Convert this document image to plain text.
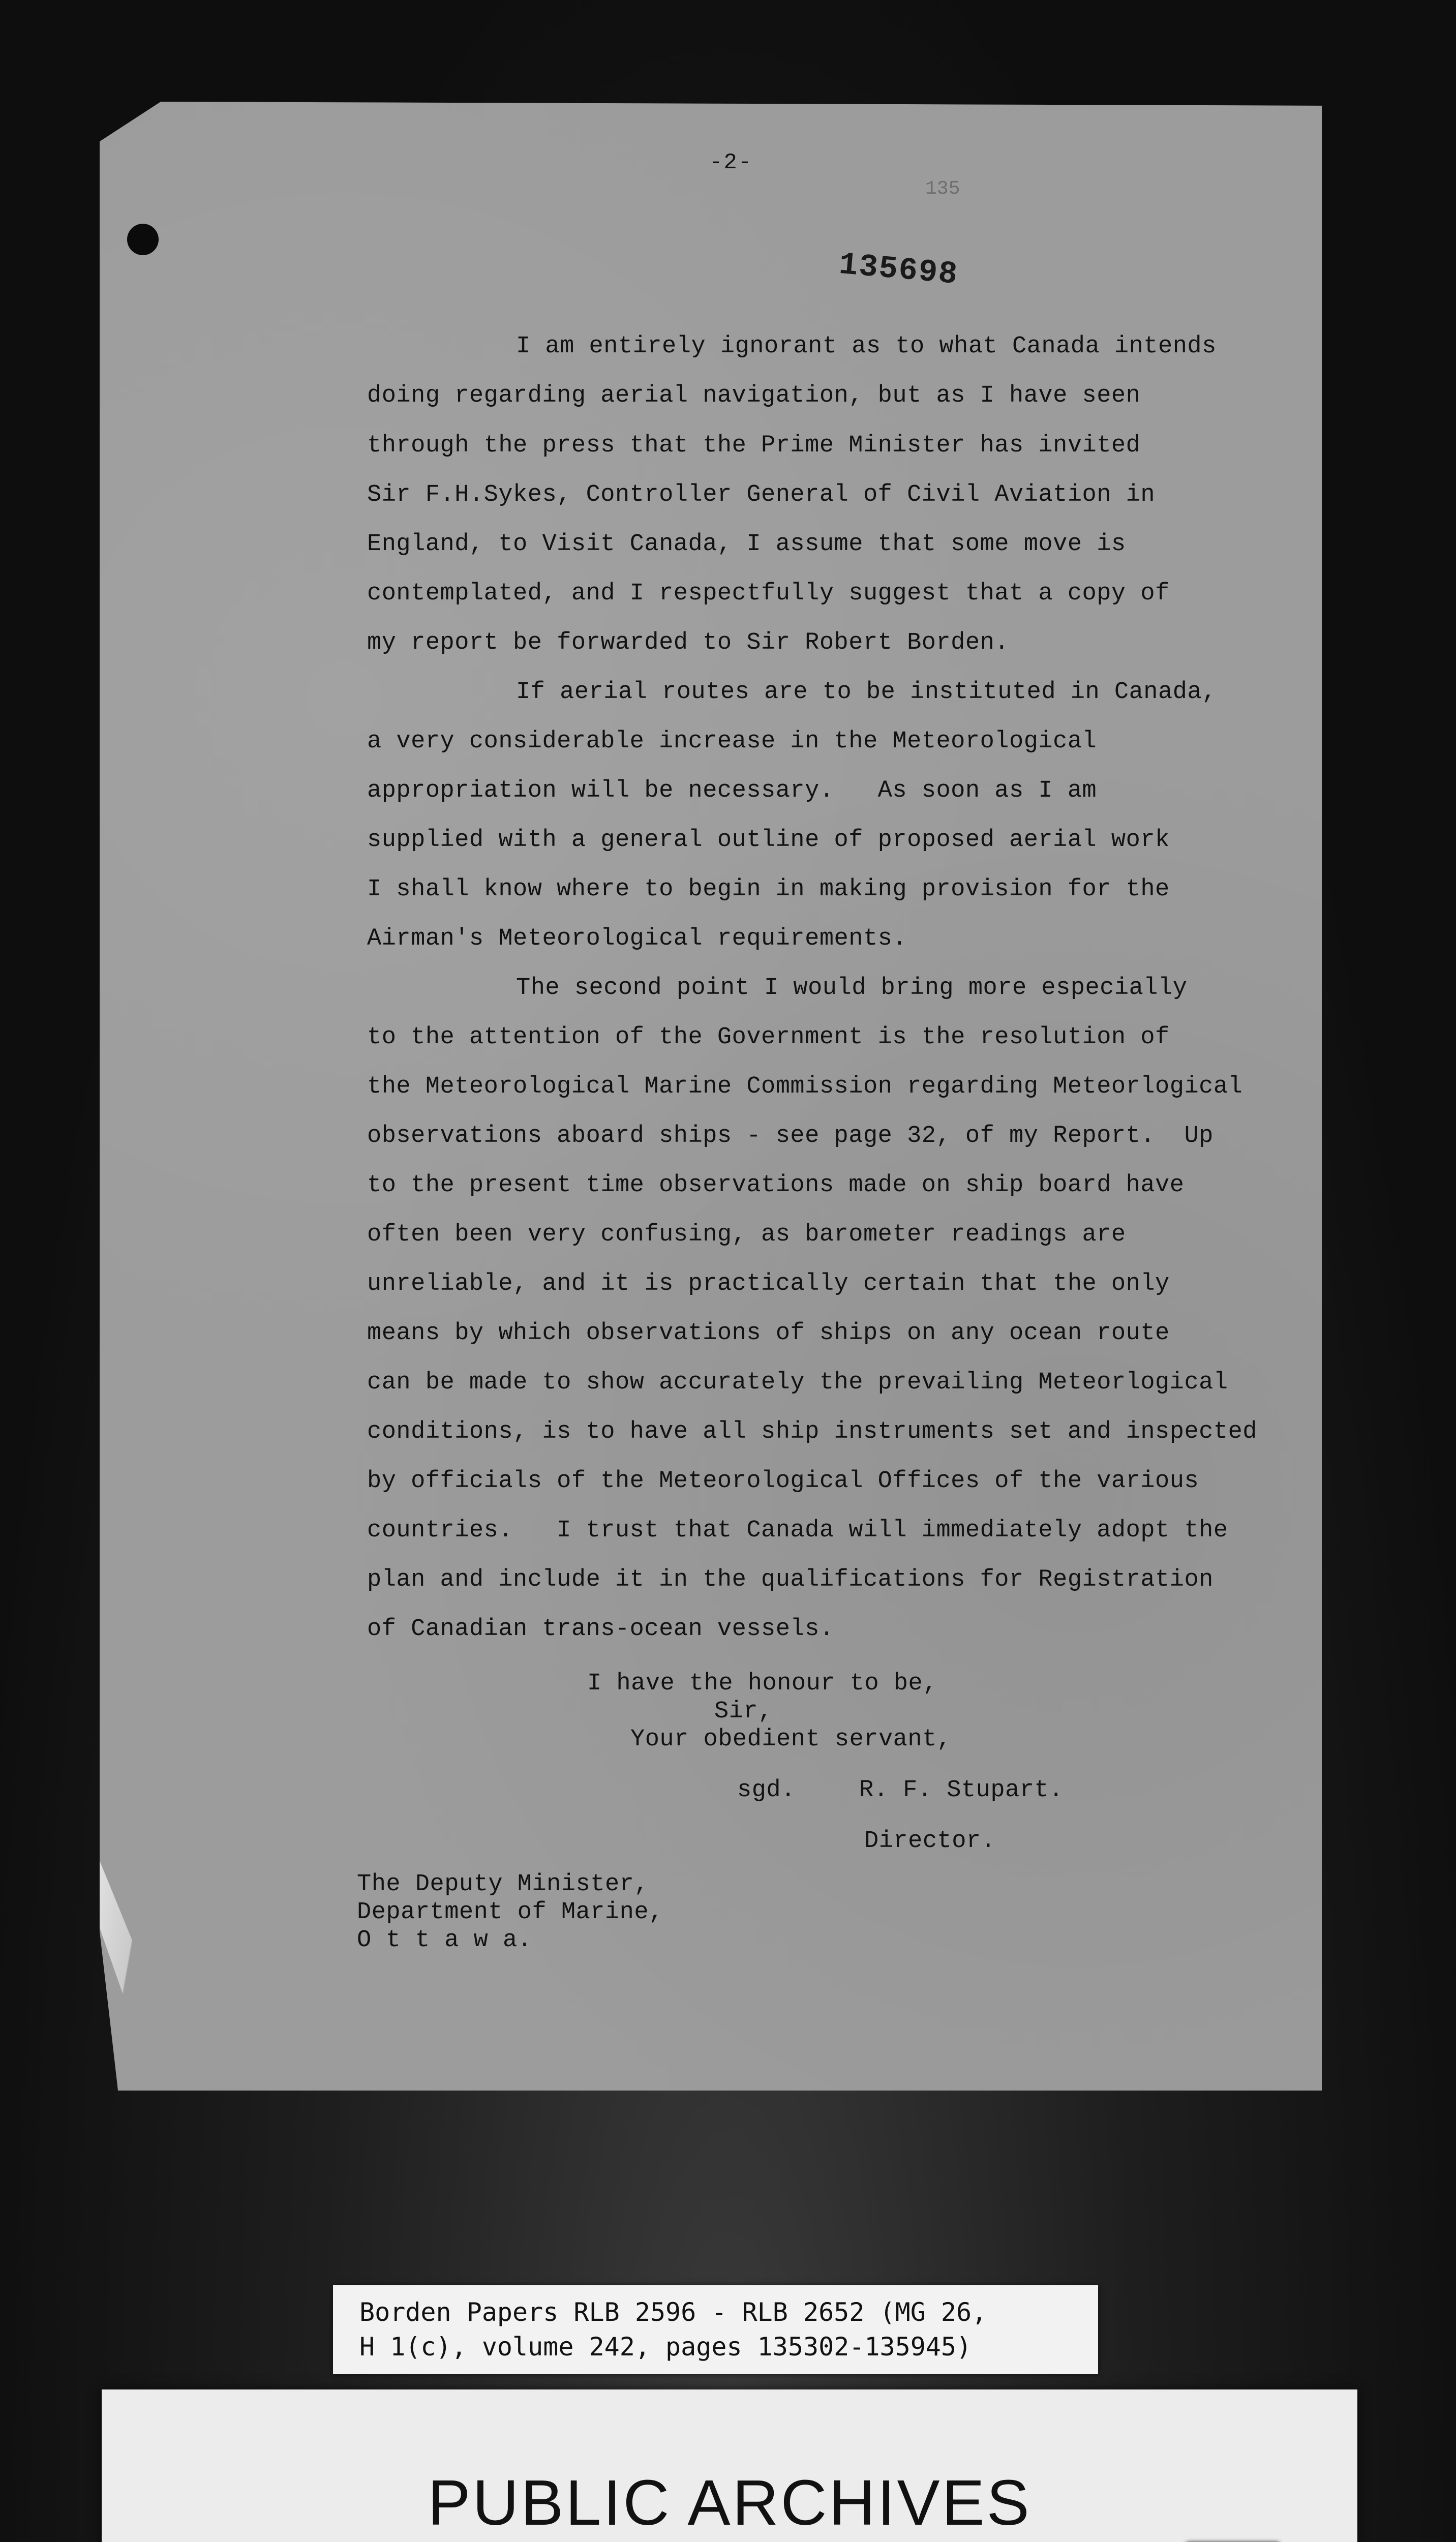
-2-
135
135698
I am entirely ignorant as to what Canada intends
doing regarding aerial navigation, but as I have seen
through the press that the Prime Minister has invited
Sir F.H.Sykes, Controller General of Civil Aviation in
England, to Visit Canada, I assume that some move is
contemplated, and I respectfully suggest that a copy of
my report be forwarded to Sir Robert Borden.
If aerial routes are to be instituted in Canada,
a very considerable increase in the Meteorological
appropriation will be necessary.   As soon as I am
supplied with a general outline of proposed aerial work
I shall know where to begin in making provision for the
Airman's Meteorological requirements.
The second point I would bring more especially
to the attention of the Government is the resolution of
the Meteorological Marine Commission regarding Meteorlogical
observations aboard ships - see page 32, of my Report.  Up
to the present time observations made on ship board have
often been very confusing, as barometer readings are
unreliable, and it is practically certain that the only
means by which observations of ships on any ocean route
can be made to show accurately the prevailing Meteorlogical
conditions, is to have all ship instruments set and inspected
by officials of the Meteorological Offices of the various
countries.   I trust that Canada will immediately adopt the
plan and include it in the qualifications for Registration
of Canadian trans-ocean vessels.
I have the honour to be,
Sir,
Your obedient servant,
sgd.	R. F. Stupart.
Director.
The Deputy Minister,
Department of Marine,
O t t a w a.
Borden Papers RLB 2596 - RLB 2652 (MG 26,
H 1(c), volume 242, pages 135302-135945)
PUBLIC ARCHIVES
